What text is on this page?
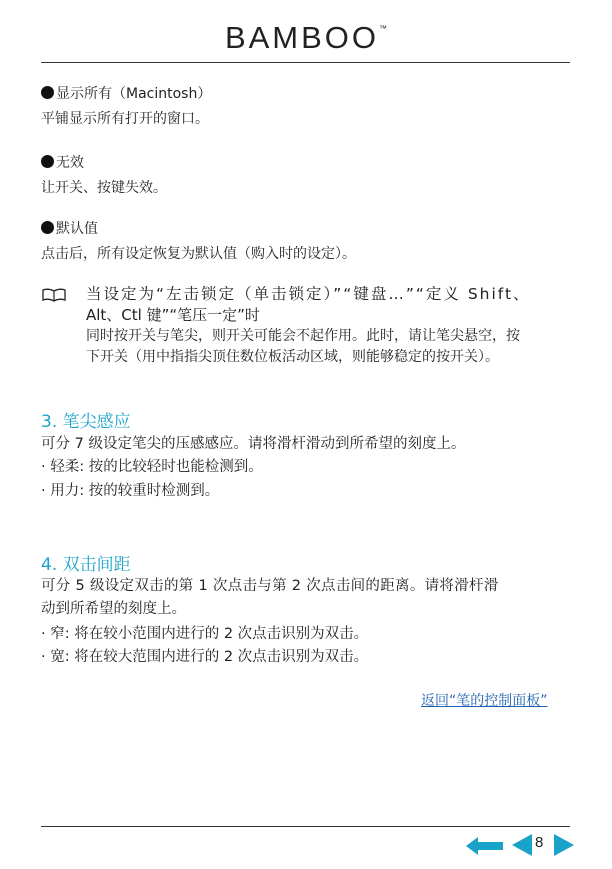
BAMBOO™
显示所有（Macintosh）
平铺显示所有打开的窗口。
无效
让开关、按键失效。
默认值
点击后，所有设定恢复为默认值（购入时的设定）。
当设定为“左击锁定（单击锁定）”“键盘…”“定义 Shift、
Alt、Ctl 键”“笔压一定”时
同时按开关与笔尖，则开关可能会不起作用。此时，请让笔尖悬空，按
下开关（用中指指尖顶住数位板活动区域，则能够稳定的按开关）。
3. 笔尖感应
可分 7 级设定笔尖的压感感应。请将滑杆滑动到所希望的刻度上。
· 轻柔: 按的比较轻时也能检测到。
· 用力: 按的较重时检测到。
4. 双击间距
可分 5 级设定双击的第 1 次点击与第 2 次点击间的距离。请将滑杆滑
动到所希望的刻度上。
· 窄: 将在较小范围内进行的 2 次点击识别为双击。
· 宽: 将在较大范围内进行的 2 次点击识别为双击。
返回“笔的控制面板”
8
